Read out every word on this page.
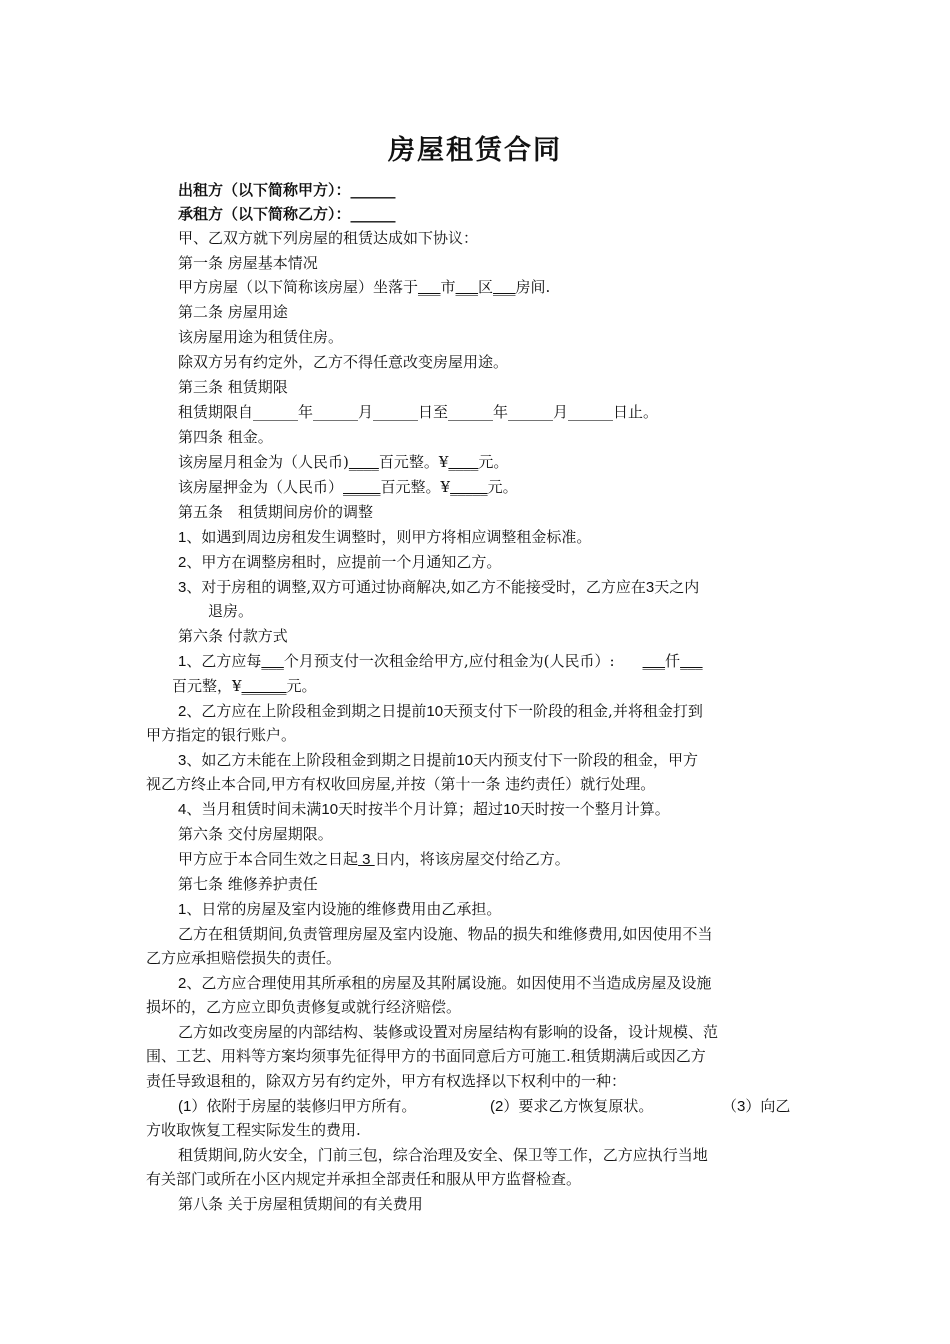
房屋租赁合同
出租方（以下简称甲方）：______
承租方（以下简称乙方）：______
甲、乙双方就下列房屋的租赁达成如下协议：
第一条 房屋基本情况
甲方房屋（以下简称该房屋）坐落于___市___区___房间.
第二条 房屋用途
该房屋用途为租赁住房。
除双方另有约定外，乙方不得任意改变房屋用途。
第三条 租赁期限
租赁期限自______年______月______日至______年______月______日止。
第四条 租金。
该房屋月租金为（人民币)____百元整。¥____元。
该房屋押金为（人民币）_____百元整。¥_____元。
第五条　租赁期间房价的调整
1、如遇到周边房租发生调整时，则甲方将相应调整租金标准。
2、甲方在调整房租时，应提前一个月通知乙方。
3、对于房租的调整,双方可通过协商解决,如乙方不能接受时，乙方应在3天之内
退房。
第六条 付款方式
1、乙方应每___个月预支付一次租金给甲方,应付租金为(人民币）: ___仟___
百元整，¥______元。
2、乙方应在上阶段租金到期之日提前10天预支付下一阶段的租金,并将租金打到
甲方指定的银行账户。
3、如乙方未能在上阶段租金到期之日提前10天内预支付下一阶段的租金，甲方
视乙方终止本合同,甲方有权收回房屋,并按（第十一条 违约责任）就行处理。
4、当月租赁时间未满10天时按半个月计算；超过10天时按一个整月计算。
第六条 交付房屋期限。
甲方应于本合同生效之日起 3 日内，将该房屋交付给乙方。
第七条 维修养护责任
1、日常的房屋及室内设施的维修费用由乙承担。
乙方在租赁期间,负责管理房屋及室内设施、物品的损失和维修费用,如因使用不当
乙方应承担赔偿损失的责任。
2、乙方应合理使用其所承租的房屋及其附属设施。如因使用不当造成房屋及设施
损坏的，乙方应立即负责修复或就行经济赔偿。
乙方如改变房屋的内部结构、装修或设置对房屋结构有影响的设备，设计规模、范
围、工艺、用料等方案均须事先征得甲方的书面同意后方可施工.租赁期满后或因乙方
责任导致退租的，除双方另有约定外，甲方有权选择以下权利中的一种：
(1）依附于房屋的装修归甲方所有。	(2）要求乙方恢复原状。	（3）向乙
方收取恢复工程实际发生的费用.
租赁期间,防火安全，门前三包，综合治理及安全、保卫等工作，乙方应执行当地
有关部门或所在小区内规定并承担全部责任和服从甲方监督检查。
第八条 关于房屋租赁期间的有关费用
